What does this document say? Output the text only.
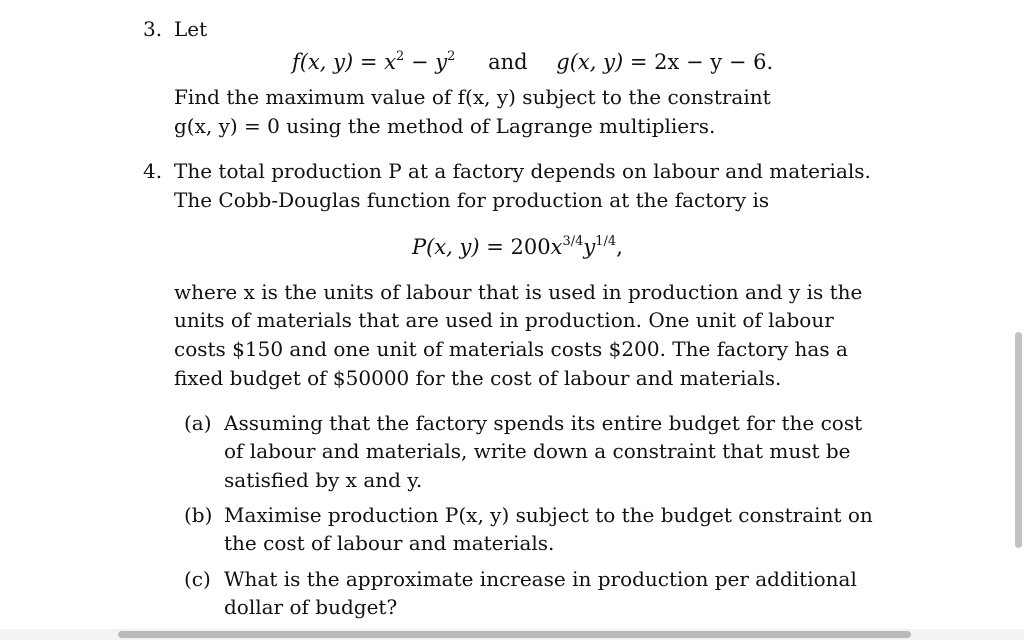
3. Let
f(x, $y) = x^2 - y^2$ and g(x, y) = 2x − y − 6.
Find the maximum value of f(x, y) subject to the constraint
g(x, y) = 0 using the method of Lagrange multipliers.
4. The total production P at a factory depends on labour and materials.
The Cobb-Douglas function for production at the factory is
P(x, $y) = 200x^{3/4}y^{1/4}$,
where x is the units of labour that is used in production and y is the
units of materials that are used in production. One unit of labour
costs $150 and one unit of materials costs $200. The factory has a
fixed budget of $50000 for the cost of labour and materials.
(a) Assuming that the factory spends its entire budget for the cost
of labour and materials, write down a constraint that must be
satisfied by x and y.
(b) Maximise production P(x, y) subject to the budget constraint on
the cost of labour and materials.
(c) What is the approximate increase in production per additional
dollar of budget?
